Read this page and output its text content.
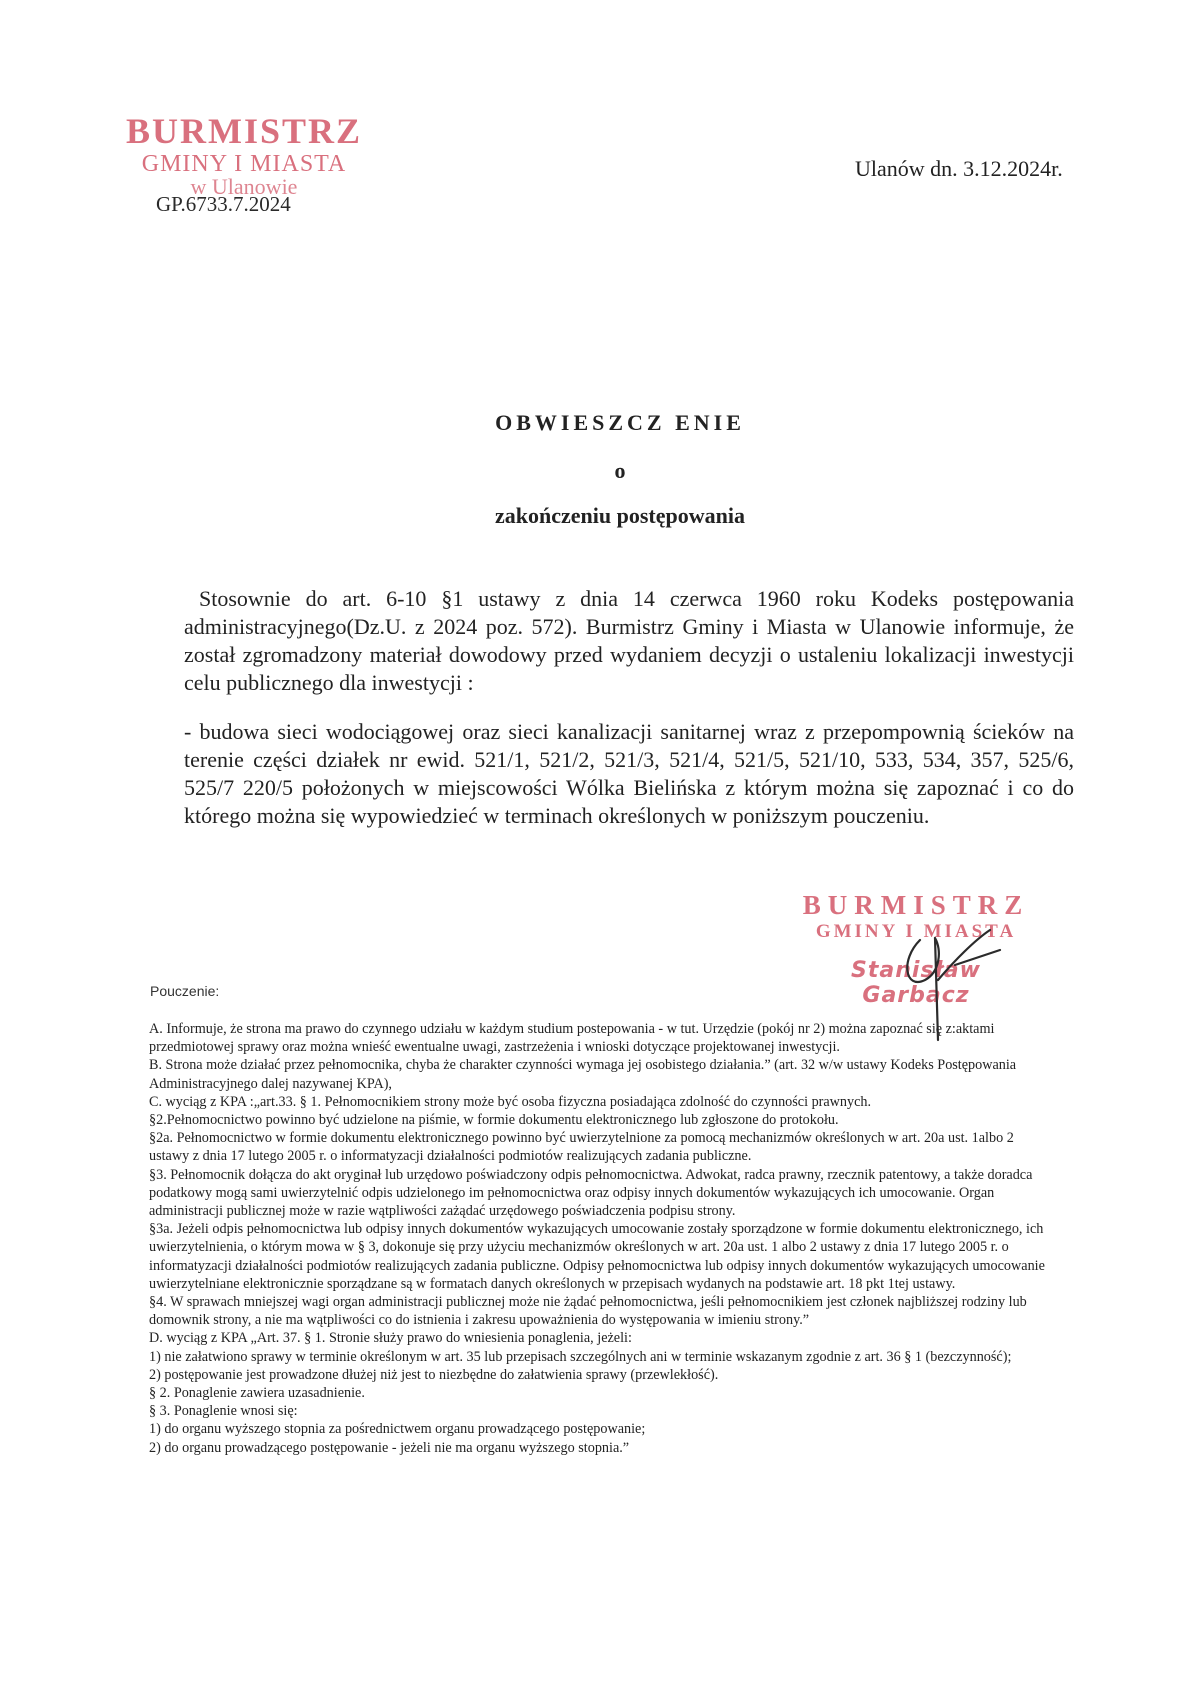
BURMISTRZ
GMINY I MIASTA
w Ulanowie
GP.6733.7.2024
Ulanów dn. 3.12.2024r.
OBWIESZCZ ENIE
o
zakończeniu postępowania
Stosownie do art. 6-10 §1 ustawy z dnia 14 czerwca 1960 roku Kodeks postępowania administracyjnego(Dz.U. z 2024 poz. 572). Burmistrz Gminy i Miasta w Ulanowie informuje, że został zgromadzony materiał dowodowy przed wydaniem decyzji o ustaleniu lokalizacji inwestycji celu publicznego dla inwestycji :
- budowa sieci wodociągowej oraz sieci kanalizacji sanitarnej wraz z przepompownią ścieków na terenie części działek nr ewid. 521/1, 521/2, 521/3, 521/4, 521/5, 521/10, 533, 534, 357, 525/6, 525/7 220/5 położonych w miejscowości Wólka Bielińska z którym można się zapoznać i co do którego można się wypowiedzieć w terminach określonych w poniższym pouczeniu.
BURMISTRZ
GMINY I MIASTA
Stanisław Garbacz
Pouczenie:

A. Informuje, że strona ma prawo do czynnego udziału w każdym studium postepowania - w tut. Urzędzie (pokój nr 2) można zapoznać się z:aktami przedmiotowej sprawy oraz można wnieść ewentualne uwagi, zastrzeżenia i wnioski dotyczące projektowanej inwestycji.

B. Strona może działać przez pełnomocnika, chyba że charakter czynności wymaga jej osobistego działania.” (art. 32 w/w ustawy Kodeks Postępowania Administracyjnego dalej nazywanej KPA),

C. wyciąg z KPA :„art.33. § 1. Pełnomocnikiem strony może być osoba fizyczna posiadająca zdolność do czynności prawnych.

§2.Pełnomocnictwo powinno być udzielone na piśmie, w formie dokumentu elektronicznego lub zgłoszone do protokołu.

§2a. Pełnomocnictwo w formie dokumentu elektronicznego powinno być uwierzytelnione za pomocą mechanizmów określonych w art. 20a ust. 1albo 2 ustawy z dnia 17 lutego 2005 r. o informatyzacji działalności podmiotów realizujących zadania publiczne.

§3. Pełnomocnik dołącza do akt oryginał lub urzędowo poświadczony odpis pełnomocnictwa. Adwokat, radca prawny, rzecznik patentowy, a także doradca podatkowy mogą sami uwierzytelnić odpis udzielonego im pełnomocnictwa oraz odpisy innych dokumentów wykazujących ich umocowanie. Organ administracji publicznej może w razie wątpliwości zażądać urzędowego poświadczenia podpisu strony.

§3a. Jeżeli odpis pełnomocnictwa lub odpisy innych dokumentów wykazujących umocowanie zostały sporządzone w formie dokumentu elektronicznego, ich uwierzytelnienia, o którym mowa w § 3, dokonuje się przy użyciu mechanizmów określonych w art. 20a ust. 1 albo 2 ustawy z dnia 17 lutego 2005 r. o informatyzacji działalności podmiotów realizujących zadania publiczne. Odpisy pełnomocnictwa lub odpisy innych dokumentów wykazujących umocowanie uwierzytelniane elektronicznie sporządzane są w formatach danych określonych w przepisach wydanych na podstawie art. 18 pkt 1tej ustawy.

§4. W sprawach mniejszej wagi organ administracji publicznej może nie żądać pełnomocnictwa, jeśli pełnomocnikiem jest członek najbliższej rodziny lub domownik strony, a nie ma wątpliwości co do istnienia i zakresu upoważnienia do występowania w imieniu strony.”

D. wyciąg z KPA „Art. 37. § 1. Stronie służy prawo do wniesienia ponaglenia, jeżeli:

1) nie załatwiono sprawy w terminie określonym w art. 35 lub przepisach szczególnych ani w terminie wskazanym zgodnie z art. 36 § 1 (bezczynność);

2) postępowanie jest prowadzone dłużej niż jest to niezbędne do załatwienia sprawy (przewlekłość).

§ 2. Ponaglenie zawiera uzasadnienie.

§ 3. Ponaglenie wnosi się:

1) do organu wyższego stopnia za pośrednictwem organu prowadzącego postępowanie;

2) do organu prowadzącego postępowanie - jeżeli nie ma organu wyższego stopnia.”
